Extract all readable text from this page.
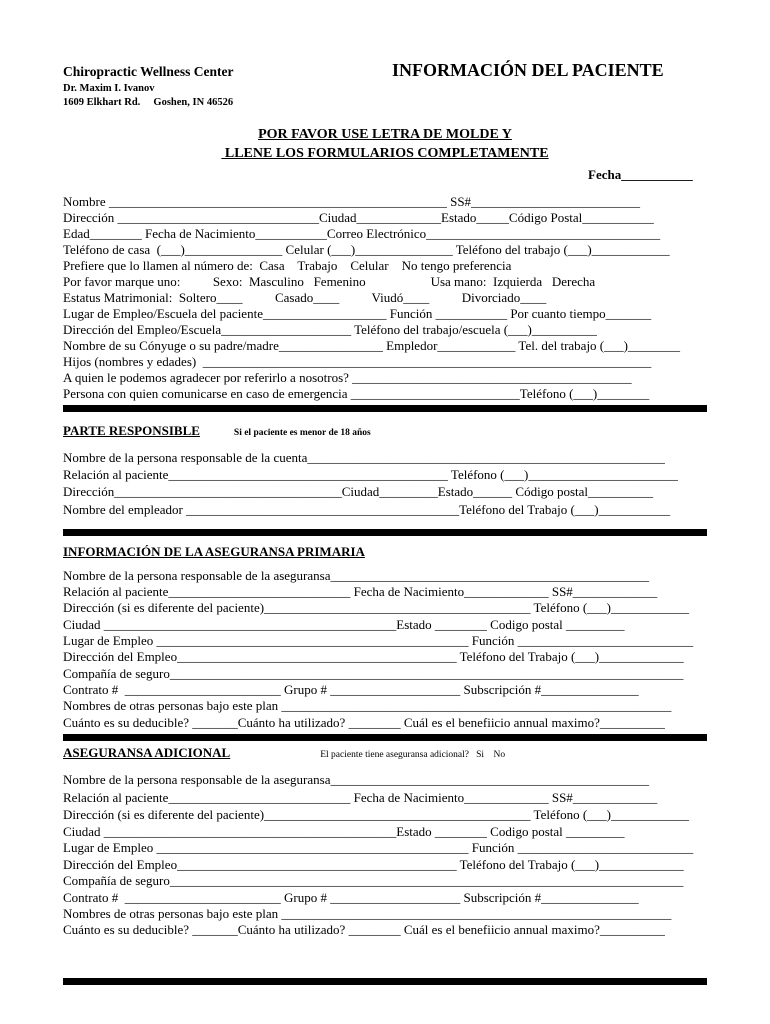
Chiropractic Wellness Center
Dr. Maxim I. Ivanov
1609 Elkhart Rd.     Goshen, IN 46526
INFORMACIÓN DEL PACIENTE
POR FAVOR USE LETRA DE MOLDE Y
LLENE LOS FORMULARIOS COMPLETAMENTE
Fecha___________
Nombre ____________________________________________________ SS#__________________________
Dirección _______________________________Ciudad_____________Estado_____Código Postal___________
Edad________ Fecha de Nacimiento___________Correo Electrónico____________________________________
Teléfono de casa  (___)_______________ Celular (___)_______________ Teléfono del trabajo (___)____________
Prefiere que lo llamen al número de:  Casa    Trabajo    Celular    No tengo preferencia
Por favor marque uno:          Sexo:  Masculino   Femenino                    Usa mano:  Izquierda   Derecha
Estatus Matrimonial:  Soltero____          Casado____          Viudó____          Divorciado____
Lugar de Empleo/Escuela del paciente___________________ Función ___________ Por cuanto tiempo_______
Dirección del Empleo/Escuela____________________ Teléfono del trabajo/escuela (___)__________
Nombre de su Cónyuge o su padre/madre________________ Empledor____________ Tel. del trabajo (___)________
Hijos (nombres y edades)  _____________________________________________________________________
A quien le podemos agradecer por referirlo a nosotros? ___________________________________________
Persona con quien comunicarse en caso de emergencia __________________________Teléfono (___)________
PARTE RESPONSIBLE	Si el paciente es menor de 18 años
Nombre de la persona responsable de la cuenta_______________________________________________________
Relación al paciente___________________________________________ Teléfono (___)_______________________
Dirección___________________________________Ciudad_________Estado______ Código postal__________
Nombre del empleador __________________________________________Teléfono del Trabajo (___)___________
INFORMACIÓN DE LA ASEGURANSA PRIMARIA
Nombre de la persona responsable de la aseguransa_________________________________________________
Relación al paciente____________________________ Fecha de Nacimiento_____________ SS#_____________
Dirección (si es diferente del paciente)_________________________________________ Teléfono (___)____________
Ciudad _____________________________________________Estado ________ Codigo postal _________
Lugar de Empleo ________________________________________________ Función ___________________________
Dirección del Empleo___________________________________________ Teléfono del Trabajo (___)_____________
Compañía de seguro_______________________________________________________________________________
Contrato #  ________________________ Grupo # ____________________ Subscripción #_______________
Nombres de otras personas bajo este plan ____________________________________________________________
Cuánto es su deducible? _______Cuánto ha utilizado? ________ Cuál es el benefiicio annual maximo?__________
ASEGURANSA ADICIONAL	El paciente tiene aseguransa adicional?   Si    No
Nombre de la persona responsable de la aseguransa_________________________________________________
Relación al paciente____________________________ Fecha de Nacimiento_____________ SS#_____________
Dirección (si es diferente del paciente)_________________________________________ Teléfono (___)____________
Ciudad _____________________________________________Estado ________ Codigo postal _________
Lugar de Empleo ________________________________________________ Función ___________________________
Dirección del Empleo___________________________________________ Teléfono del Trabajo (___)_____________
Compañía de seguro_______________________________________________________________________________
Contrato #  ________________________ Grupo # ____________________ Subscripción #_______________
Nombres de otras personas bajo este plan ____________________________________________________________
Cuánto es su deducible? _______Cuánto ha utilizado? ________ Cuál es el benefiicio annual maximo?__________
